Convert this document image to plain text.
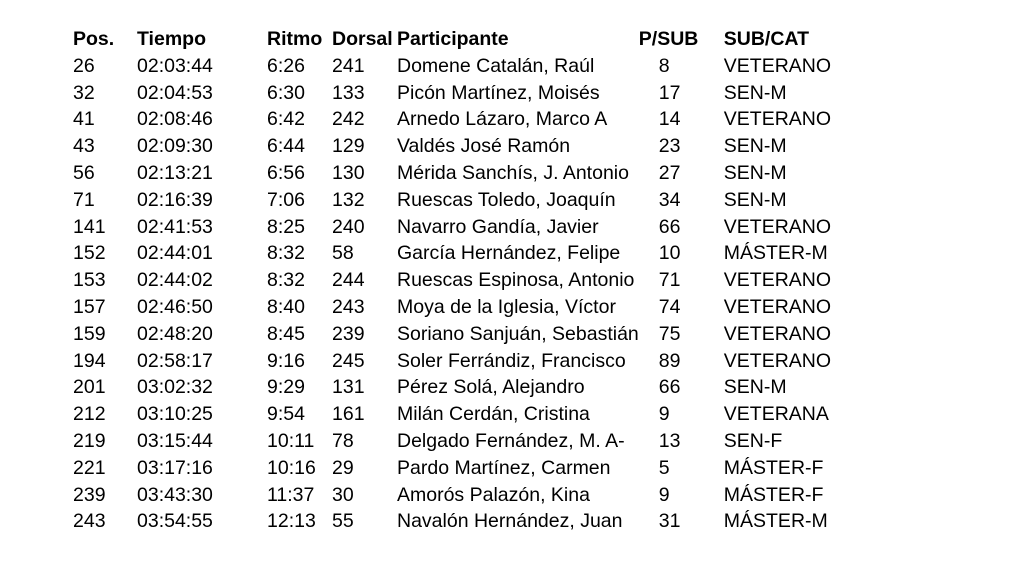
Pos.	Tiempo	Ritmo	Dorsal	Participante	P/SUB	SUB/CAT
26	02:03:44	6:26	241	Domene Catalán, Raúl	8	VETERANO
32	02:04:53	6:30	133	Picón Martínez, Moisés	17	SEN-M
41	02:08:46	6:42	242	Arnedo Lázaro, Marco A	14	VETERANO
43	02:09:30	6:44	129	Valdés José Ramón	23	SEN-M
56	02:13:21	6:56	130	Mérida Sanchís, J. Antonio	27	SEN-M
71	02:16:39	7:06	132	Ruescas Toledo, Joaquín	34	SEN-M
141	02:41:53	8:25	240	Navarro Gandía, Javier	66	VETERANO
152	02:44:01	8:32	58	García Hernández, Felipe	10	MÁSTER-M
153	02:44:02	8:32	244	Ruescas Espinosa, Antonio	71	VETERANO
157	02:46:50	8:40	243	Moya de la Iglesia, Víctor	74	VETERANO
159	02:48:20	8:45	239	Soriano Sanjuán, Sebastián	75	VETERANO
194	02:58:17	9:16	245	Soler Ferrándiz, Francisco	89	VETERANO
201	03:02:32	9:29	131	Pérez Solá, Alejandro	66	SEN-M
212	03:10:25	9:54	161	Milán Cerdán, Cristina	9	VETERANA
219	03:15:44	10:11	78	Delgado Fernández, M. A-	13	SEN-F
221	03:17:16	10:16	29	Pardo Martínez, Carmen	5	MÁSTER-F
239	03:43:30	11:37	30	Amorós Palazón, Kina	9	MÁSTER-F
243	03:54:55	12:13	55	Navalón Hernández, Juan	31	MÁSTER-M
